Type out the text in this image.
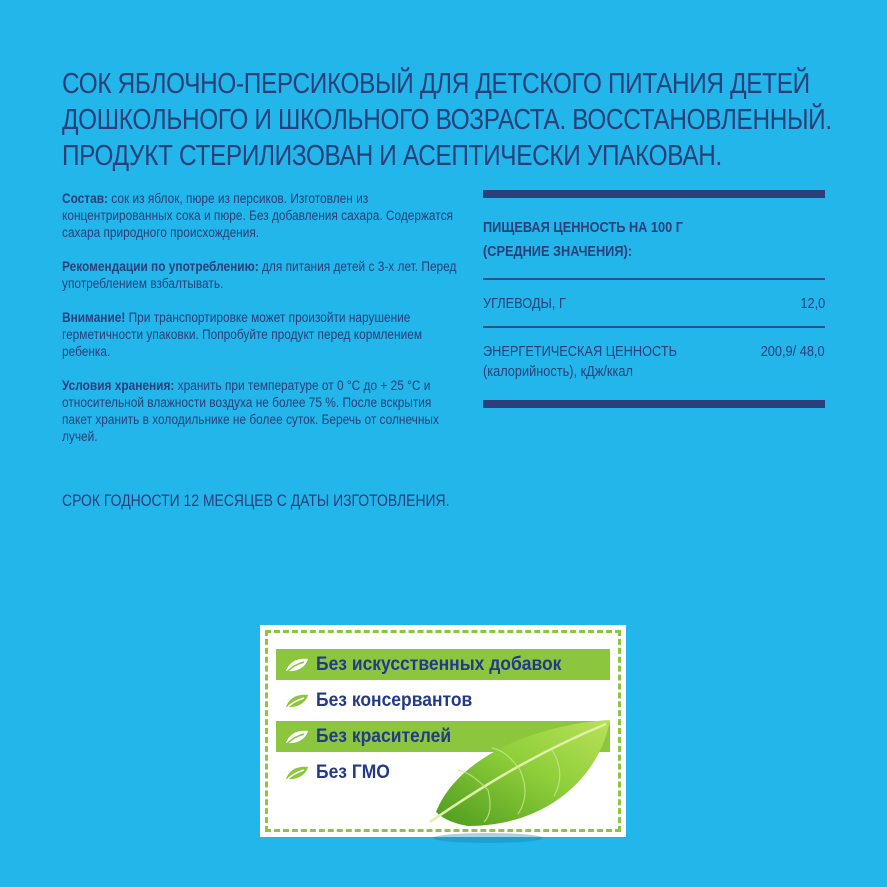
СОК ЯБЛОЧНО-ПЕРСИКОВЫЙ ДЛЯ ДЕТСКОГО ПИТАНИЯ ДЕТЕЙ ДОШКОЛЬНОГО И ШКОЛЬНОГО ВОЗРАСТА. ВОССТАНОВЛЕННЫЙ. ПРОДУКТ СТЕРИЛИЗОВАН И АСЕПТИЧЕСКИ УПАКОВАН.

Состав: сок из яблок, пюре из персиков. Изготовлен из концентрированных сока и пюре. Без добавления сахара. Содержатся сахара природного происхождения.

Рекомендации по употреблению: для питания детей с 3-х лет. Перед употреблением взбалтывать.

Внимание! При транспортировке может произойти нарушение герметичности упаковки. Попробуйте продукт перед кормлением ребенка.

Условия хранения: хранить при температуре от 0 °С до + 25 °С и относительной влажности воздуха не более 75 %. После вскрытия пакет хранить в холодильнике не более суток. Беречь от солнечных лучей.

СРОК ГОДНОСТИ 12 МЕСЯЦЕВ С ДАТЫ ИЗГОТОВЛЕНИЯ.
ПИЩЕВАЯ ЦЕННОСТЬ НА 100 Г
(СРЕДНИЕ ЗНАЧЕНИЯ):
УГЛЕВОДЫ, Г	12,0
ЭНЕРГЕТИЧЕСКАЯ ЦЕННОСТЬ
(калорийность), кДж/ккал
200,9/ 48,0
Без искусственных добавок
Без консервантов
Без красителей
Без ГМО
